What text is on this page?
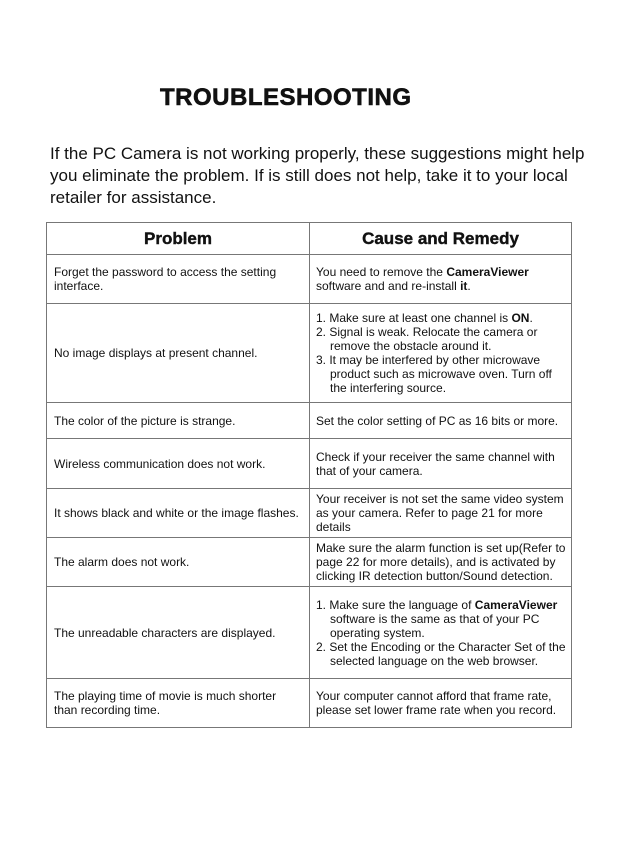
TROUBLESHOOTING

If the PC Camera is not working properly, these suggestions might help you eliminate the problem. If is still does not help, take it to your local retailer for assistance.

Problem	Cause and Remedy
Forget the password to access the setting interface.	You need to remove the CameraViewer software and and re-install it.

No image displays at present channel.	1. Make sure at least one channel is ON.
2. Signal is weak. Relocate the camera or remove the obstacle around it.
3. It may be interfered by other microwave product such as microwave oven. Turn off the interfering source.

The color of the picture is strange.	Set the color setting of PC as 16 bits or more.

Wireless communication does not work.	Check if your receiver the same channel with that of your camera.

It shows black and white or the image flashes.	Your receiver is not set the same video system as your camera. Refer to page 21 for more details

The alarm does not work.	Make sure the alarm function is set up(Refer to page 22 for more details), and is activated by clicking IR detection button/Sound detection.

The unreadable characters are displayed.	1. Make sure the language of CameraViewer software is the same as that of your PC operating system.
2. Set the Encoding or the Character Set of the selected language on the web browser.

The playing time of movie is much shorter than recording time.	Your computer cannot afford that frame rate, please set lower frame rate when you record.
